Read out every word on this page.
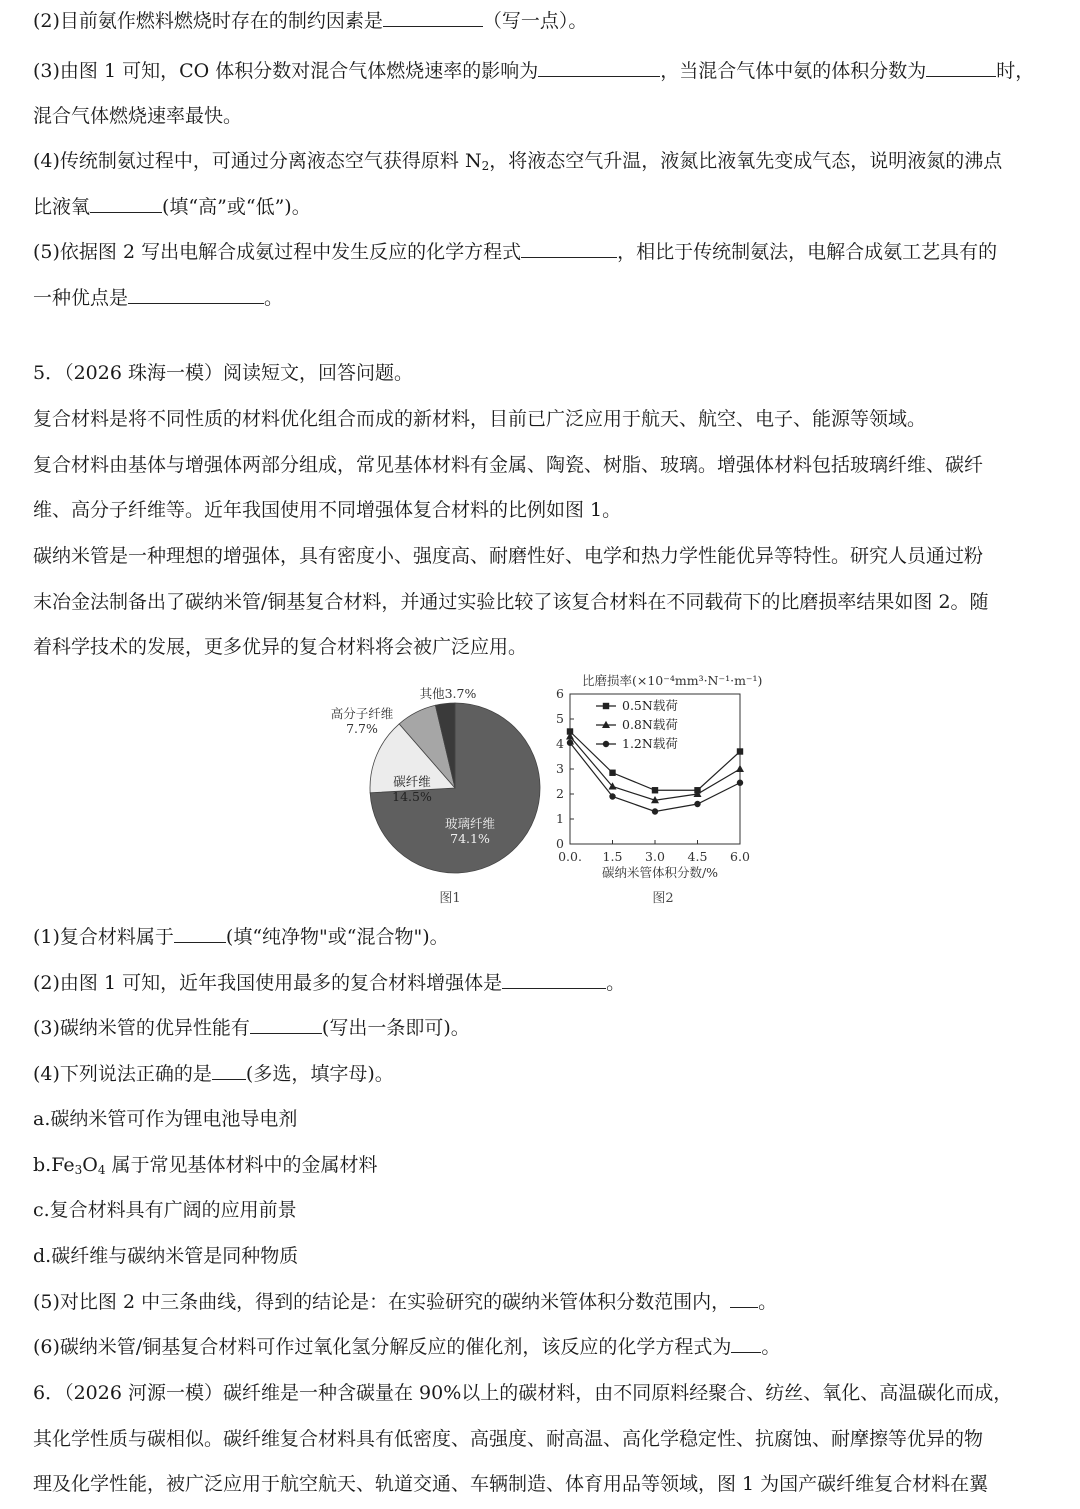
(2)目前氨作燃料燃烧时存在的制约因素是	（写一点）。
(3)由图 1 可知，CO 体积分数对混合气体燃烧速率的影响为	，当混合气体中氨的体积分数为	时，
混合气体燃烧速率最快。
(4)传统制氨过程中，可通过分离液态空气获得原料 $N_2$，将液态空气升温，液氮比液氧先变成气态，说明液氮的沸点
比液氧	(填“高”或“低”)。
(5)依据图 2 写出电解合成氨过程中发生反应的化学方程式	，相比于传统制氨法，电解合成氨工艺具有的
一种优点是	。
5．（2026 珠海一模）阅读短文，回答问题。
复合材料是将不同性质的材料优化组合而成的新材料，目前已广泛应用于航天、航空、电子、能源等领域。
复合材料由基体与增强体两部分组成，常见基体材料有金属、陶瓷、树脂、玻璃。增强体材料包括玻璃纤维、碳纤
维、高分子纤维等。近年我国使用不同增强体复合材料的比例如图 1。
碳纳米管是一种理想的增强体，具有密度小、强度高、耐磨性好、电学和热力学性能优异等特性。研究人员通过粉
末冶金法制备出了碳纳米管/铜基复合材料，并通过实验比较了该复合材料在不同载荷下的比磨损率结果如图 2。随
着科学技术的发展，更多优异的复合材料将会被广泛应用。
玻璃纤维
74.1%
碳纤维
14.5%
高分子纤维
7.7%
其他3.7%
图1
比磨损率(×10⁻⁴mm³·N⁻¹·m⁻¹)
0
1
2
3
4
5
6
0.0. 1.5 3.0 4.5 6.0
碳纳米管体积分数/%
0.5N载荷
0.8N载荷
1.2N载荷
图2
(1)复合材料属于	(填“纯净物"或“混合物")。
(2)由图 1 可知，近年我国使用最多的复合材料增强体是	。
(3)碳纳米管的优异性能有	(写出一条即可)。
(4)下列说法正确的是 (多选，填字母)。
a.碳纳米管可作为锂电池导电剂
$b.Fe_3O_4$ 属于常见基体材料中的金属材料
c.复合材料具有广阔的应用前景
d.碳纤维与碳纳米管是同种物质
(5)对比图 2 中三条曲线，得到的结论是：在实验研究的碳纳米管体积分数范围内， 。
(6)碳纳米管/铜基复合材料可作过氧化氢分解反应的催化剂，该反应的化学方程式为 。
6．（2026 河源一模）碳纤维是一种含碳量在 90%以上的碳材料，由不同原料经聚合、纺丝、氧化、高温碳化而成，
其化学性质与碳相似。碳纤维复合材料具有低密度、高强度、耐高温、高化学稳定性、抗腐蚀、耐摩擦等优异的物
理及化学性能，被广泛应用于航空航天、轨道交通、车辆制造、体育用品等领域，图 1 为国产碳纤维复合材料在翼
